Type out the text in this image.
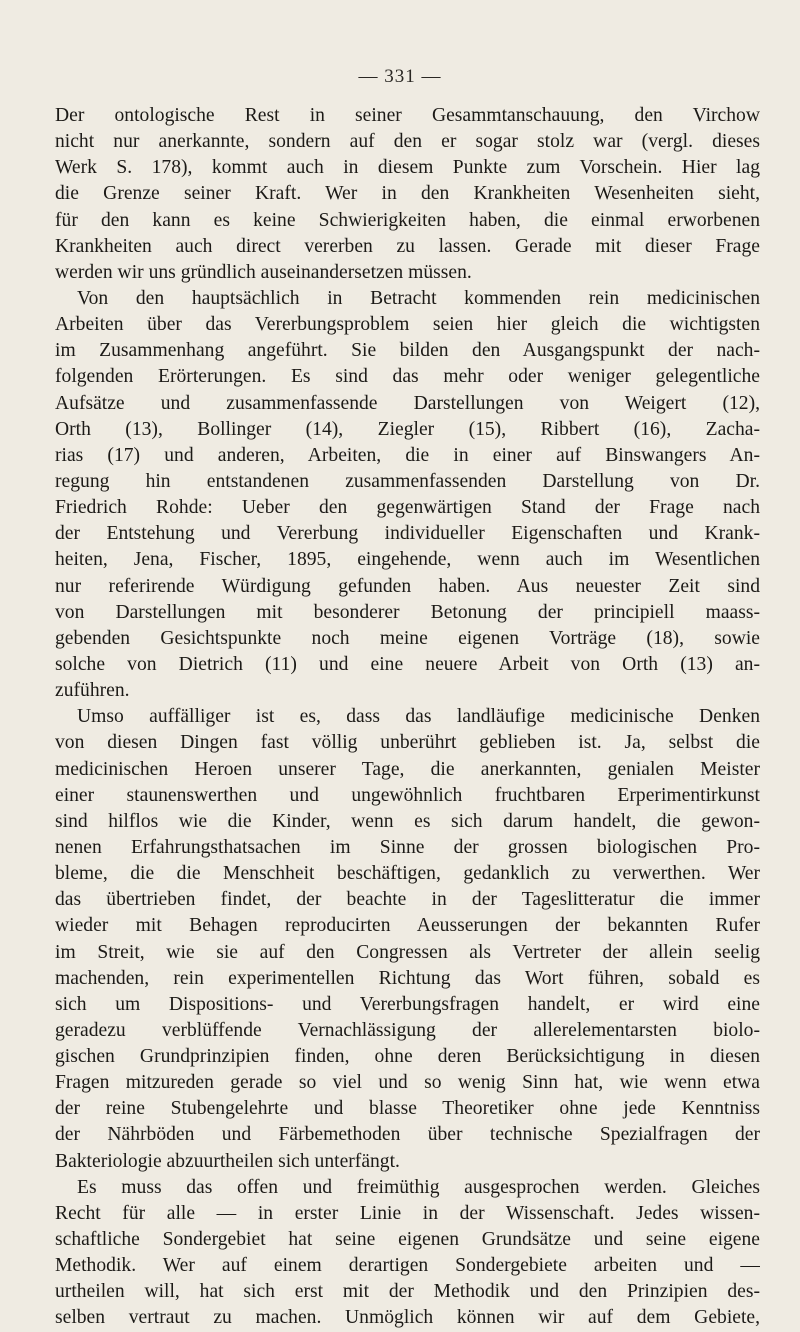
— 331 —
Der ontologische Rest in seiner Gesammtanschauung, den Virchow
nicht nur anerkannte, sondern auf den er sogar stolz war (vergl. dieses
Werk S. 178), kommt auch in diesem Punkte zum Vorschein. Hier lag
die Grenze seiner Kraft. Wer in den Krankheiten Wesenheiten sieht,
für den kann es keine Schwierigkeiten haben, die einmal erworbenen
Krankheiten auch direct vererben zu lassen. Gerade mit dieser Frage
werden wir uns gründlich auseinandersetzen müssen.
Von den hauptsächlich in Betracht kommenden rein medicinischen
Arbeiten über das Vererbungsproblem seien hier gleich die wichtigsten
im Zusammenhang angeführt. Sie bilden den Ausgangspunkt der nach-
folgenden Erörterungen. Es sind das mehr oder weniger gelegentliche
Aufsätze und zusammenfassende Darstellungen von Weigert (12),
Orth (13), Bollinger (14), Ziegler (15), Ribbert (16), Zacha-
rias (17) und anderen, Arbeiten, die in einer auf Binswangers An-
regung hin entstandenen zusammenfassenden Darstellung von Dr.
Friedrich Rohde: Ueber den gegenwärtigen Stand der Frage nach
der Entstehung und Vererbung individueller Eigenschaften und Krank-
heiten, Jena, Fischer, 1895, eingehende, wenn auch im Wesentlichen
nur referirende Würdigung gefunden haben. Aus neuester Zeit sind
von Darstellungen mit besonderer Betonung der principiell maass-
gebenden Gesichtspunkte noch meine eigenen Vorträge (18), sowie
solche von Dietrich (11) und eine neuere Arbeit von Orth (13) an-
zuführen.
Umso auffälliger ist es, dass das landläufige medicinische Denken
von diesen Dingen fast völlig unberührt geblieben ist. Ja, selbst die
medicinischen Heroen unserer Tage, die anerkannten, genialen Meister
einer staunenswerthen und ungewöhnlich fruchtbaren Erperimentirkunst
sind hilflos wie die Kinder, wenn es sich darum handelt, die gewon-
nenen Erfahrungsthatsachen im Sinne der grossen biologischen Pro-
bleme, die die Menschheit beschäftigen, gedanklich zu verwerthen. Wer
das übertrieben findet, der beachte in der Tageslitteratur die immer
wieder mit Behagen reproducirten Aeusserungen der bekannten Rufer
im Streit, wie sie auf den Congressen als Vertreter der allein seelig
machenden, rein experimentellen Richtung das Wort führen, sobald es
sich um Dispositions- und Vererbungsfragen handelt, er wird eine
geradezu verblüffende Vernachlässigung der allerelementarsten biolo-
gischen Grundprinzipien finden, ohne deren Berücksichtigung in diesen
Fragen mitzureden gerade so viel und so wenig Sinn hat, wie wenn etwa
der reine Stubengelehrte und blasse Theoretiker ohne jede Kenntniss
der Nährböden und Färbemethoden über technische Spezialfragen der
Bakteriologie abzuurtheilen sich unterfängt.
Es muss das offen und freimüthig ausgesprochen werden. Gleiches
Recht für alle — in erster Linie in der Wissenschaft. Jedes wissen-
schaftliche Sondergebiet hat seine eigenen Grundsätze und seine eigene
Methodik. Wer auf einem derartigen Sondergebiete arbeiten und —
urtheilen will, hat sich erst mit der Methodik und den Prinzipien des-
selben vertraut zu machen. Unmöglich können wir auf dem Gebiete,
